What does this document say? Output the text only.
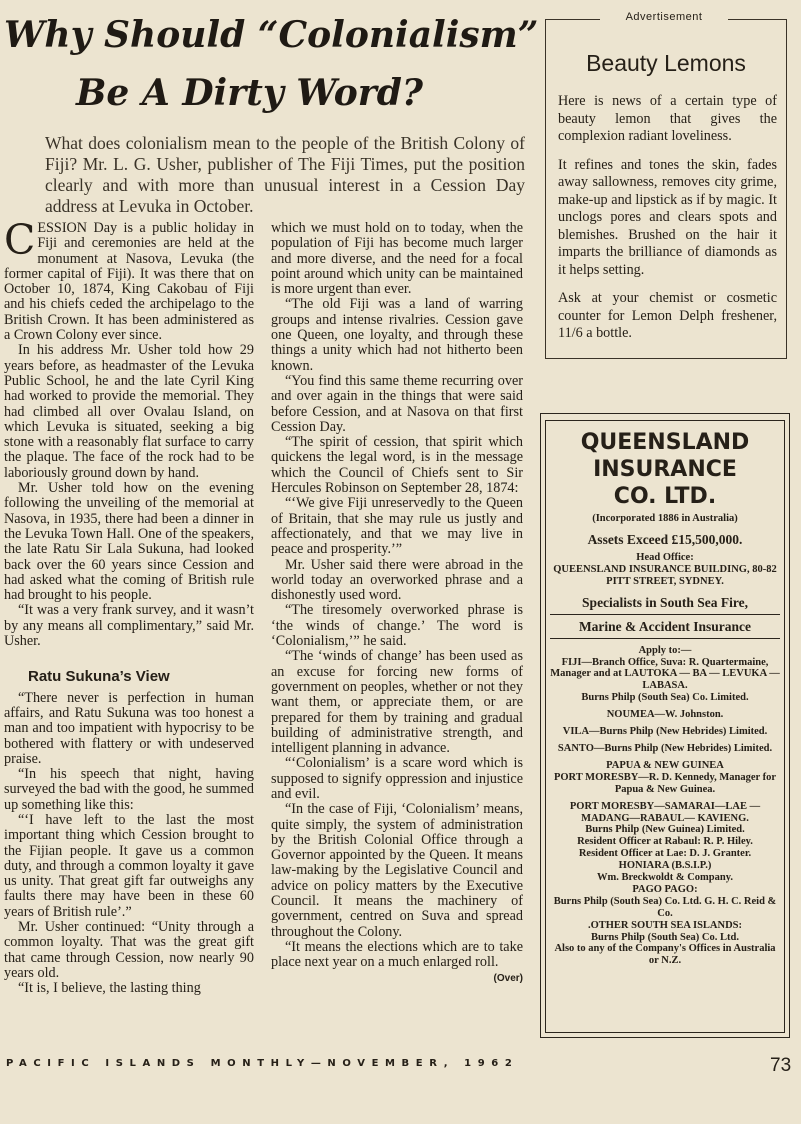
Why Should “Colonialism”
Be A Dirty Word?
What does colonialism mean to the people of the British Colony of Fiji? Mr. L. G. Usher, publisher of The Fiji Times, put the position clearly and with more than unusual interest in a Cession Day address at Levuka in October.

CESSION Day is a public holiday in Fiji and ceremonies are held at the monument at Nasova, Levuka (the former capital of Fiji). It was there that on October 10, 1874, King Cakobau of Fiji and his chiefs ceded the archipelago to the British Crown. It has been administered as a Crown Colony ever since.

In his address Mr. Usher told how 29 years before, as headmaster of the Levuka Public School, he and the late Cyril King had worked to provide the memorial. They had climbed all over Ovalau Island, on which Levuka is situated, seeking a big stone with a reasonably flat surface to carry the plaque. The face of the rock had to be laboriously ground down by hand.

Mr. Usher told how on the evening following the unveiling of the memorial at Nasova, in 1935, there had been a dinner in the Levuka Town Hall. One of the speakers, the late Ratu Sir Lala Sukuna, had looked back over the 60 years since Cession and had asked what the coming of British rule had brought to his people.

“It was a very frank survey, and it wasn’t by any means all complimentary,” said Mr. Usher.

Ratu Sukuna’s View

“There never is perfection in human affairs, and Ratu Sukuna was too honest a man and too impatient with hypocrisy to be bothered with flattery or with undeserved praise.

“In his speech that night, having surveyed the bad with the good, he summed up something like this:

“‘I have left to the last the most important thing which Cession brought to the Fijian people. It gave us a common duty, and through a common loyalty it gave us unity. That great gift far outweighs any faults there may have been in these 60 years of British rule’.”

Mr. Usher continued: “Unity through a common loyalty. That was the great gift that came through Cession, now nearly 90 years old.

“It is, I believe, the lasting thing

which we must hold on to today, when the population of Fiji has become much larger and more diverse, and the need for a focal point around which unity can be maintained is more urgent than ever.

“The old Fiji was a land of warring groups and intense rivalries. Cession gave one Queen, one loyalty, and through these things a unity which had not hitherto been known.

“You find this same theme recurring over and over again in the things that were said before Cession, and at Nasova on that first Cession Day.

“The spirit of cession, that spirit which quickens the legal word, is in the message which the Council of Chiefs sent to Sir Hercules Robinson on September 28, 1874:

“‘We give Fiji unreservedly to the Queen of Britain, that she may rule us justly and affectionately, and that we may live in peace and prosperity.’”

Mr. Usher said there were abroad in the world today an overworked phrase and a dishonestly used word.

“The tiresomely overworked phrase is ‘the winds of change.’ The word is ‘Colonialism,’” he said.

“The ‘winds of change’ has been used as an excuse for forcing new forms of government on peoples, whether or not they want them, or appreciate them, or are prepared for them by training and gradual building of administrative strength, and intelligent planning in advance.

“‘Colonialism’ is a scare word which is supposed to signify oppression and injustice and evil.

“In the case of Fiji, ‘Colonialism’ means, quite simply, the system of administration by the British Colonial Office through a Governor appointed by the Queen. It means law-making by the Legislative Council and advice on policy matters by the Executive Council. It means the machinery of government, centred on Suva and spread throughout the Colony.

“It means the elections which are to take place next year on a much enlarged roll.
(Over)

Beauty Lemons

Here is news of a certain type of beauty lemon that gives the complexion radiant loveliness.

It refines and tones the skin, fades away sallowness, removes city grime, make-up and lipstick as if by magic. It unclogs pores and clears spots and blemishes. Brushed on the hair it imparts the brilliance of diamonds as it helps setting.

Ask at your chemist or cosmetic counter for Lemon Delph freshener, 11/6 a bottle.

Advertisement
QUEENSLAND
INSURANCE
CO. LTD.

(Incorporated 1886 in Australia)

Assets Exceed £15,500,000.

Head Office:

QUEENSLAND INSURANCE BUILDING, 80-82 PITT STREET, SYDNEY.

Specialists in South Sea Fire,

Marine & Accident Insurance

Apply to:—

FIJI—Branch Office, Suva: R. Quartermaine, Manager and at LAUTOKA — BA — LEVUKA — LABASA.

Burns Philp (South Sea) Co. Limited.

NOUMEA—W. Johnston.

VILA—Burns Philp (New Hebrides) Limited.

SANTO—Burns Philp (New Hebrides) Limited.

PAPUA & NEW GUINEA

PORT MORESBY—R. D. Kennedy, Manager for Papua & New Guinea.

PORT MORESBY—SAMARAI—LAE —MADANG—RABAUL— KAVIENG.

Burns Philp (New Guinea) Limited.

Resident Officer at Rabaul: R. P. Hiley.

Resident Officer at Lae: D. J. Granter.

HONIARA (B.S.I.P.)

Wm. Breckwoldt & Company.

PAGO PAGO:

Burns Philp (South Sea) Co. Ltd. G. H. C. Reid & Co.

.OTHER SOUTH SEA ISLANDS:

Burns Philp (South Sea) Co. Ltd.

Also to any of the Company's Offices in Australia or N.Z.

PACIFIC ISLANDS MONTHLY—NOVEMBER, 1962	73
